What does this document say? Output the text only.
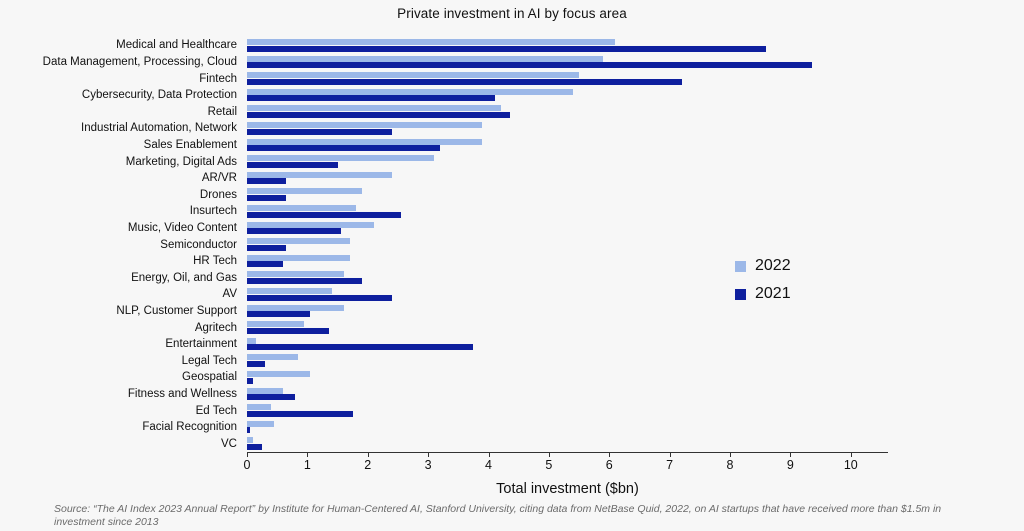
Private investment in AI by focus area
Medical and Healthcare
Data Management, Processing, Cloud
Fintech
Cybersecurity, Data Protection
Retail
Industrial Automation, Network
Sales Enablement
Marketing, Digital Ads
AR/VR
Drones
Insurtech
Music, Video Content
Semiconductor
HR Tech
Energy, Oil, and Gas
AV
NLP, Customer Support
Agritech
Entertainment
Legal Tech
Geospatial
Fitness and Wellness
Ed Tech
Facial Recognition
VC
0	1	2	3	4	5	6	7	8	9	10
Total investment ($bn)
2022
2021
Source: “The AI Index 2023 Annual Report” by Institute for Human-Centered AI, Stanford University, citing data from NetBase Quid, 2022, on AI startups that have received more than $1.5m in investment since 2013
